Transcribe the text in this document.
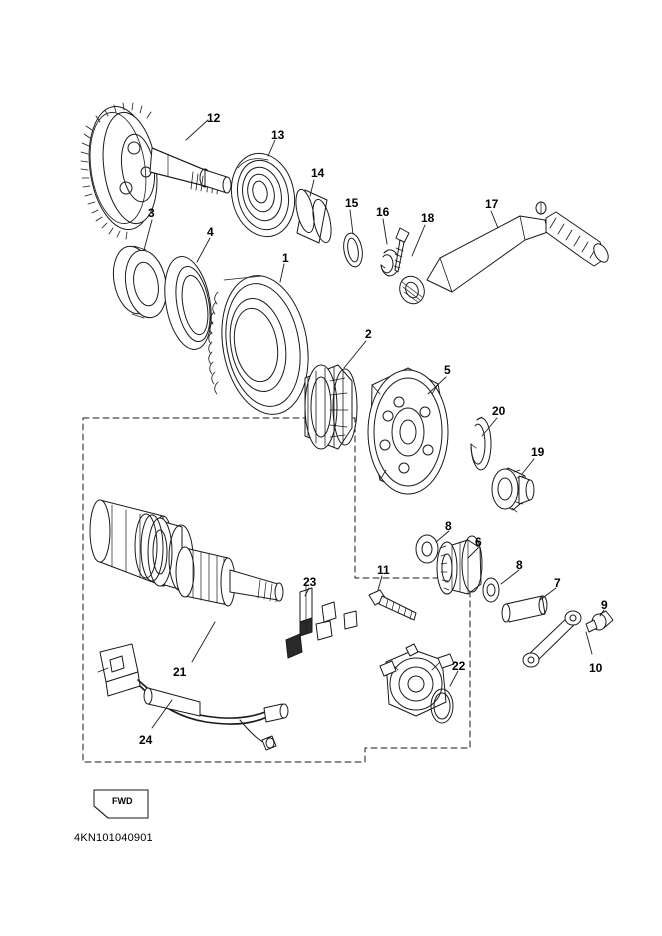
12
13
14
15
16	18
17
3
4
1
2
5
20
19
8
6
8
7
9
10
11
23
21	22
24
FWD
4KN101040901
